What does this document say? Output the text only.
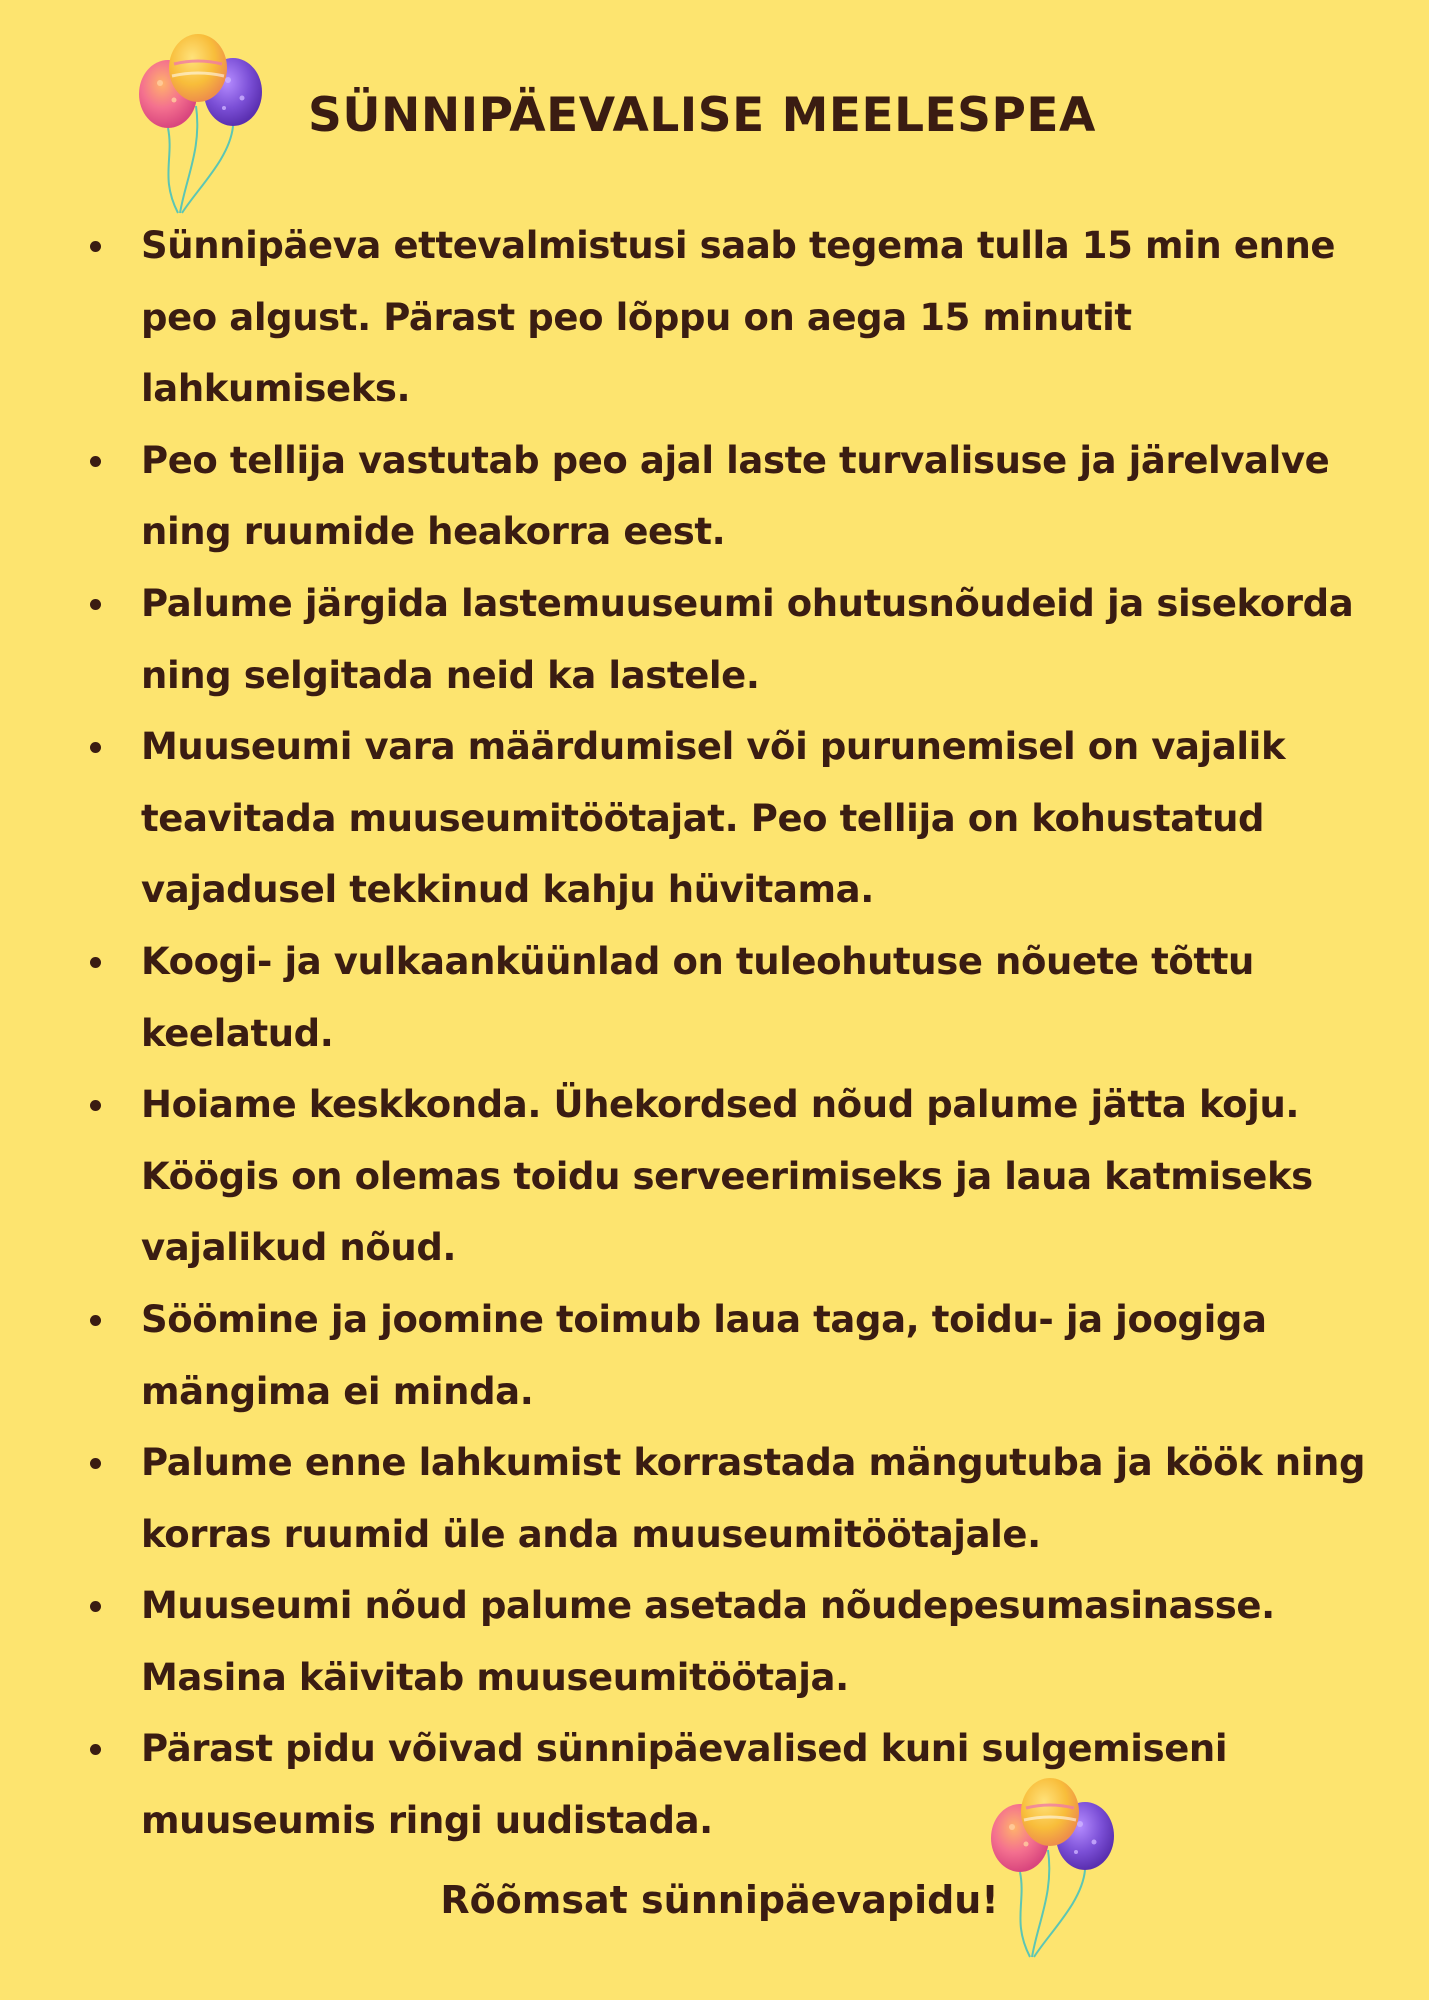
SÜNNIPÄEVALISE MEELESPEA
Sünnipäeva ettevalmistusi saab tegema tulla 15 min enne peo algust. Pärast peo lõppu on aega 15 minutit lahkumiseks.
Peo tellija vastutab peo ajal laste turvalisuse ja järelvalve ning ruumide heakorra eest.
Palume järgida lastemuuseumi ohutusnõudeid ja sisekorda ning selgitada neid ka lastele.
Muuseumi vara määrdumisel või purunemisel on vajalik teavitada muuseumitöötajat. Peo tellija on kohustatud vajadusel tekkinud kahju hüvitama.
Koogi- ja vulkaanküünlad on tuleohutuse nõuete tõttu keelatud.
Hoiame keskkonda. Ühekordsed nõud palume jätta koju. Köögis on olemas toidu serveerimiseks ja laua katmiseks vajalikud nõud.
Söömine ja joomine toimub laua taga, toidu- ja joogiga mängima ei minda.
Palume enne lahkumist korrastada mängutuba ja köök ning korras ruumid üle anda muuseumitöötajale.
Muuseumi nõud palume asetada nõudepesumasinasse. Masina käivitab muuseumitöötaja.
Pärast pidu võivad sünnipäevalised kuni sulgemiseni muuseumis ringi uudistada.
Rõõmsat sünnipäevapidu!
